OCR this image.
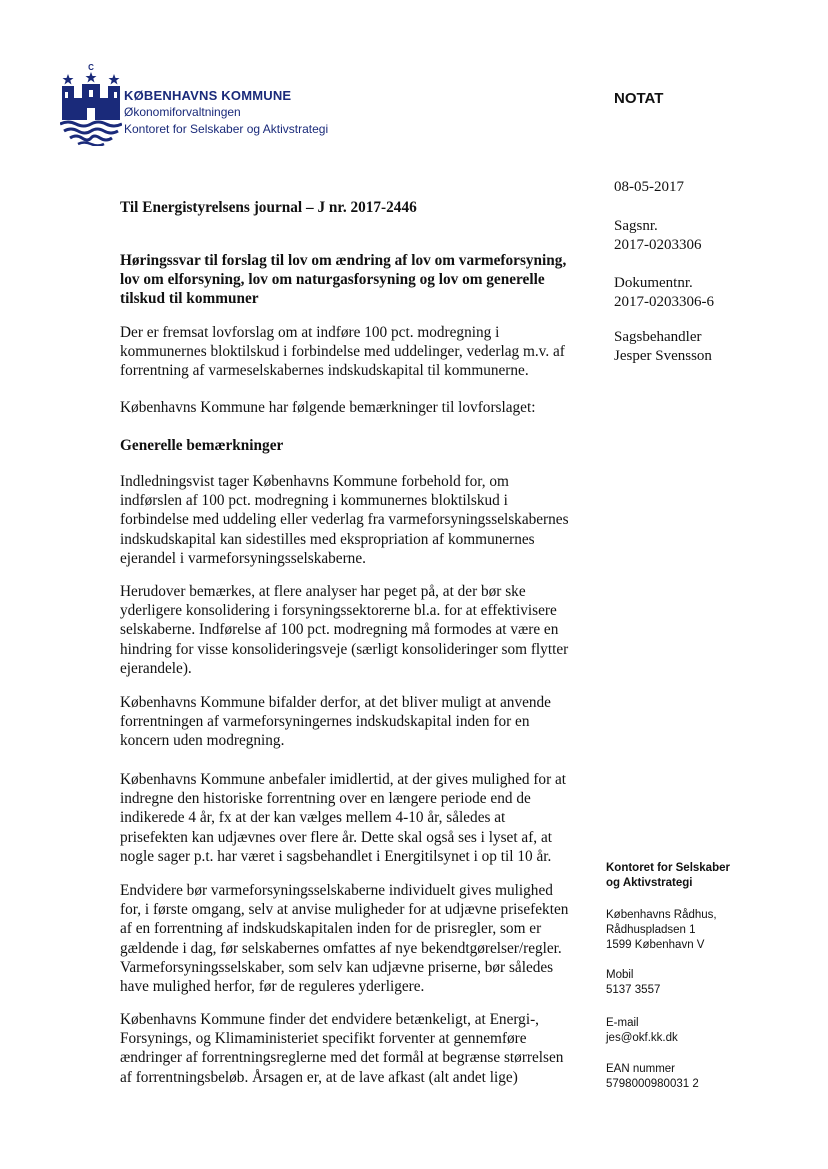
C
KØBENHAVNS KOMMUNE
Økonomiforvaltningen
Kontoret for Selskaber og Aktivstrategi
NOTAT
08-05-2017
Sagsnr.
2017-0203306
Dokumentnr.
2017-0203306-6
Sagsbehandler
Jesper Svensson

Til Energistyrelsens journal – J nr. 2017-2446

Høringssvar til forslag til lov om ændring af lov om varmeforsyning, lov om elforsyning, lov om naturgasforsyning og lov om generelle tilskud til kommuner

Der er fremsat lovforslag om at indføre 100 pct. modregning i kommunernes bloktilskud i forbindelse med uddelinger, vederlag m.v. af forrentning af varmeselskabernes indskudskapital til kommunerne.

Københavns Kommune har følgende bemærkninger til lovforslaget:

Generelle bemærkninger

Indledningsvist tager Københavns Kommune forbehold for, om indførslen af 100 pct. modregning i kommunernes bloktilskud i forbindelse med uddeling eller vederlag fra varmeforsyningsselskabernes indskudskapital kan sidestilles med ekspropriation af kommunernes ejerandel i varmeforsyningsselskaberne.

Herudover bemærkes, at flere analyser har peget på, at der bør ske yderligere konsolidering i forsyningssektorerne bl.a. for at effektivisere selskaberne. Indførelse af 100 pct. modregning må formodes at være en hindring for visse konsolideringsveje (særligt konsolideringer som flytter ejerandele).

Københavns Kommune bifalder derfor, at det bliver muligt at anvende forrentningen af varmeforsyningernes indskudskapital inden for en koncern uden modregning.

Københavns Kommune anbefaler imidlertid, at der gives mulighed for at indregne den historiske forrentning over en længere periode end de indikerede 4 år, fx at der kan vælges mellem 4-10 år, således at prisefekten kan udjævnes over flere år. Dette skal også ses i lyset af, at nogle sager p.t. har været i sagsbehandlet i Energitilsynet i op til 10 år.

Endvidere bør varmeforsyningsselskaberne individuelt gives mulighed for, i første omgang, selv at anvise muligheder for at udjævne prisefekten af en forrentning af indskudskapitalen inden for de prisregler, som er gældende i dag, før selskabernes omfattes af nye bekendtgørelser/regler. Varmeforsyningsselskaber, som selv kan udjævne priserne, bør således have mulighed herfor, før de reguleres yderligere.

Københavns Kommune finder det endvidere betænkeligt, at Energi-, Forsynings, og Klimaministeriet specifikt forventer at gennemføre ændringer af forrentningsreglerne med det formål at begrænse størrelsen af forrentningsbeløb. Årsagen er, at de lave afkast (alt andet lige)

Kontoret for Selskaber
og Aktivstrategi
Københavns Rådhus,
Rådhuspladsen 1
1599 København V
Mobil
5137 3557
E-mail
jes@okf.kk.dk
EAN nummer
5798000980031 2
